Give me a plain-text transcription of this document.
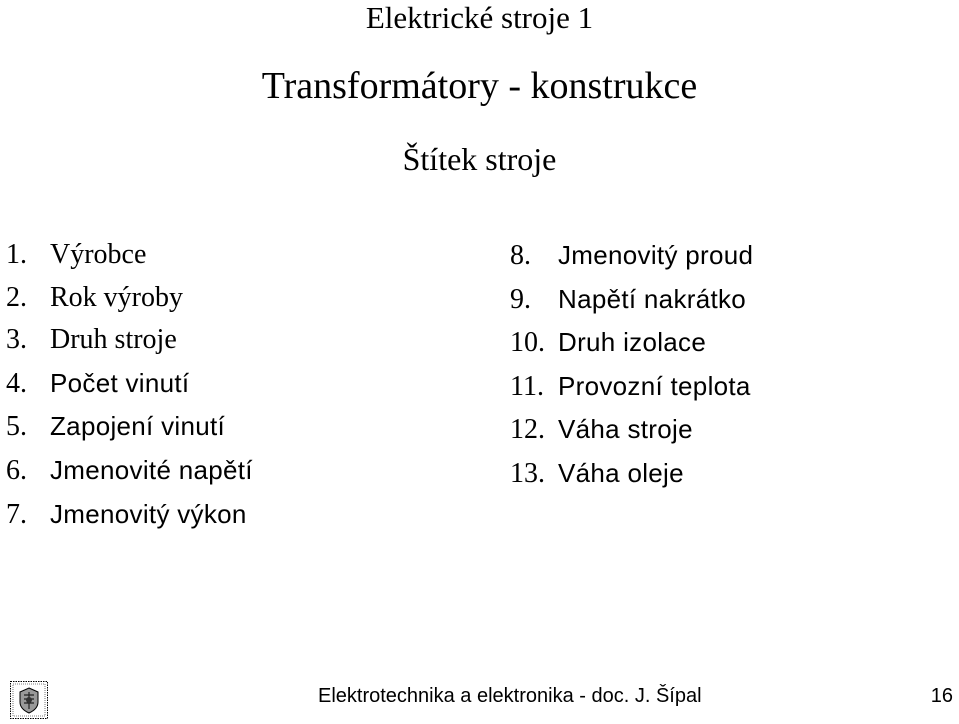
Elektrické stroje 1
Transformátory - konstrukce
Štítek stroje
1. Výrobce
2. Rok výroby
3. Druh stroje
4. Počet vinutí
5. Zapojení vinutí
6. Jmenovité napětí
7. Jmenovitý výkon
8. Jmenovitý proud
9. Napětí nakrátko
10. Druh izolace
11. Provozní teplota
12. Váha stroje
13. Váha oleje
Elektrotechnika a elektronika - doc. J. Šípal	16
